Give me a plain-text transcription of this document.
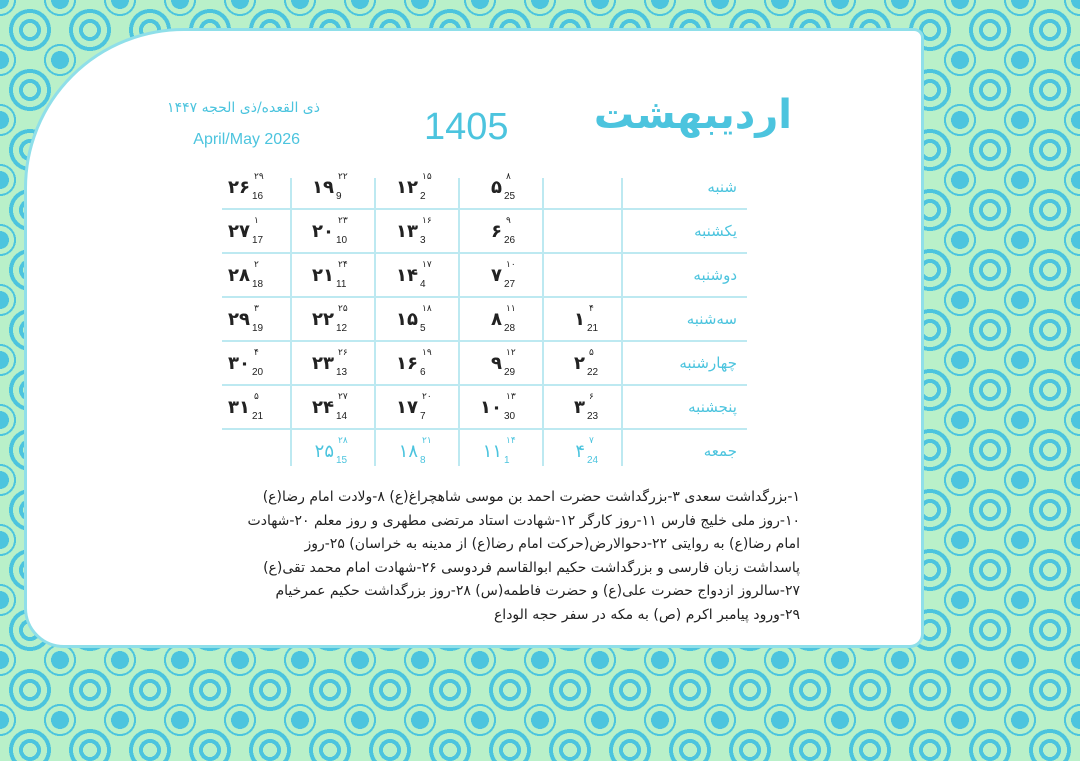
اردیبهشت
1405
ذی القعده/ذی الحجه ۱۴۴۷
April/May 2026
شنبه
یکشنبه
دوشنبه
سه‌شنبه
چهارشنبه
پنجشنبه
جمعه
۱ ۴
21
۲ ۵
22
۳ ۶
23
۴ ۷
24
۵ ۸
25
۶ ۹
26
۷ ۱۰
27
۸ ۱۱
28
۹ ۱۲
29
۱۰ ۱۳
30
۱۱ ۱۴
1
۱۲ ۱۵
2
۱۳ ۱۶
3
۱۴ ۱۷
4
۱۵ ۱۸
5
۱۶ ۱۹
6
۱۷ ۲۰
7
۱۸ ۲۱
8
۱۹ ۲۲
9
۲۰ ۲۳
10
۲۱ ۲۴
11
۲۲ ۲۵
12
۲۳ ۲۶
13
۲۴ ۲۷
14
۲۵ ۲۸
15
۲۶ ۲۹
16
۲۷ ۱
17
۲۸ ۲
18
۲۹ ۳
19
۳۰ ۴
20
۳۱ ۵
21
۱-بزرگداشت سعدی ۳-بزرگداشت حضرت احمد بن موسی شاهچراغ(ع) ۸-ولادت امام رضا(ع)
۱۰-روز ملی خلیج فارس ۱۱-روز کارگر ۱۲-شهادت استاد مرتضی مطهری و روز معلم ۲۰-شهادت
امام رضا(ع) به روایتی ۲۲-دحوالارض(حرکت امام رضا(ع) از مدینه به خراسان) ۲۵-روز
پاسداشت زبان فارسی و بزرگداشت حکیم ابوالقاسم فردوسی ۲۶-شهادت امام محمد تقی(ع)
۲۷-سالروز ازدواج حضرت علی(ع) و حضرت فاطمه(س) ۲۸-روز بزرگداشت حکیم عمرخیام
۲۹-ورود پیامبر اکرم (ص) به مکه در سفر حجه الوداع
